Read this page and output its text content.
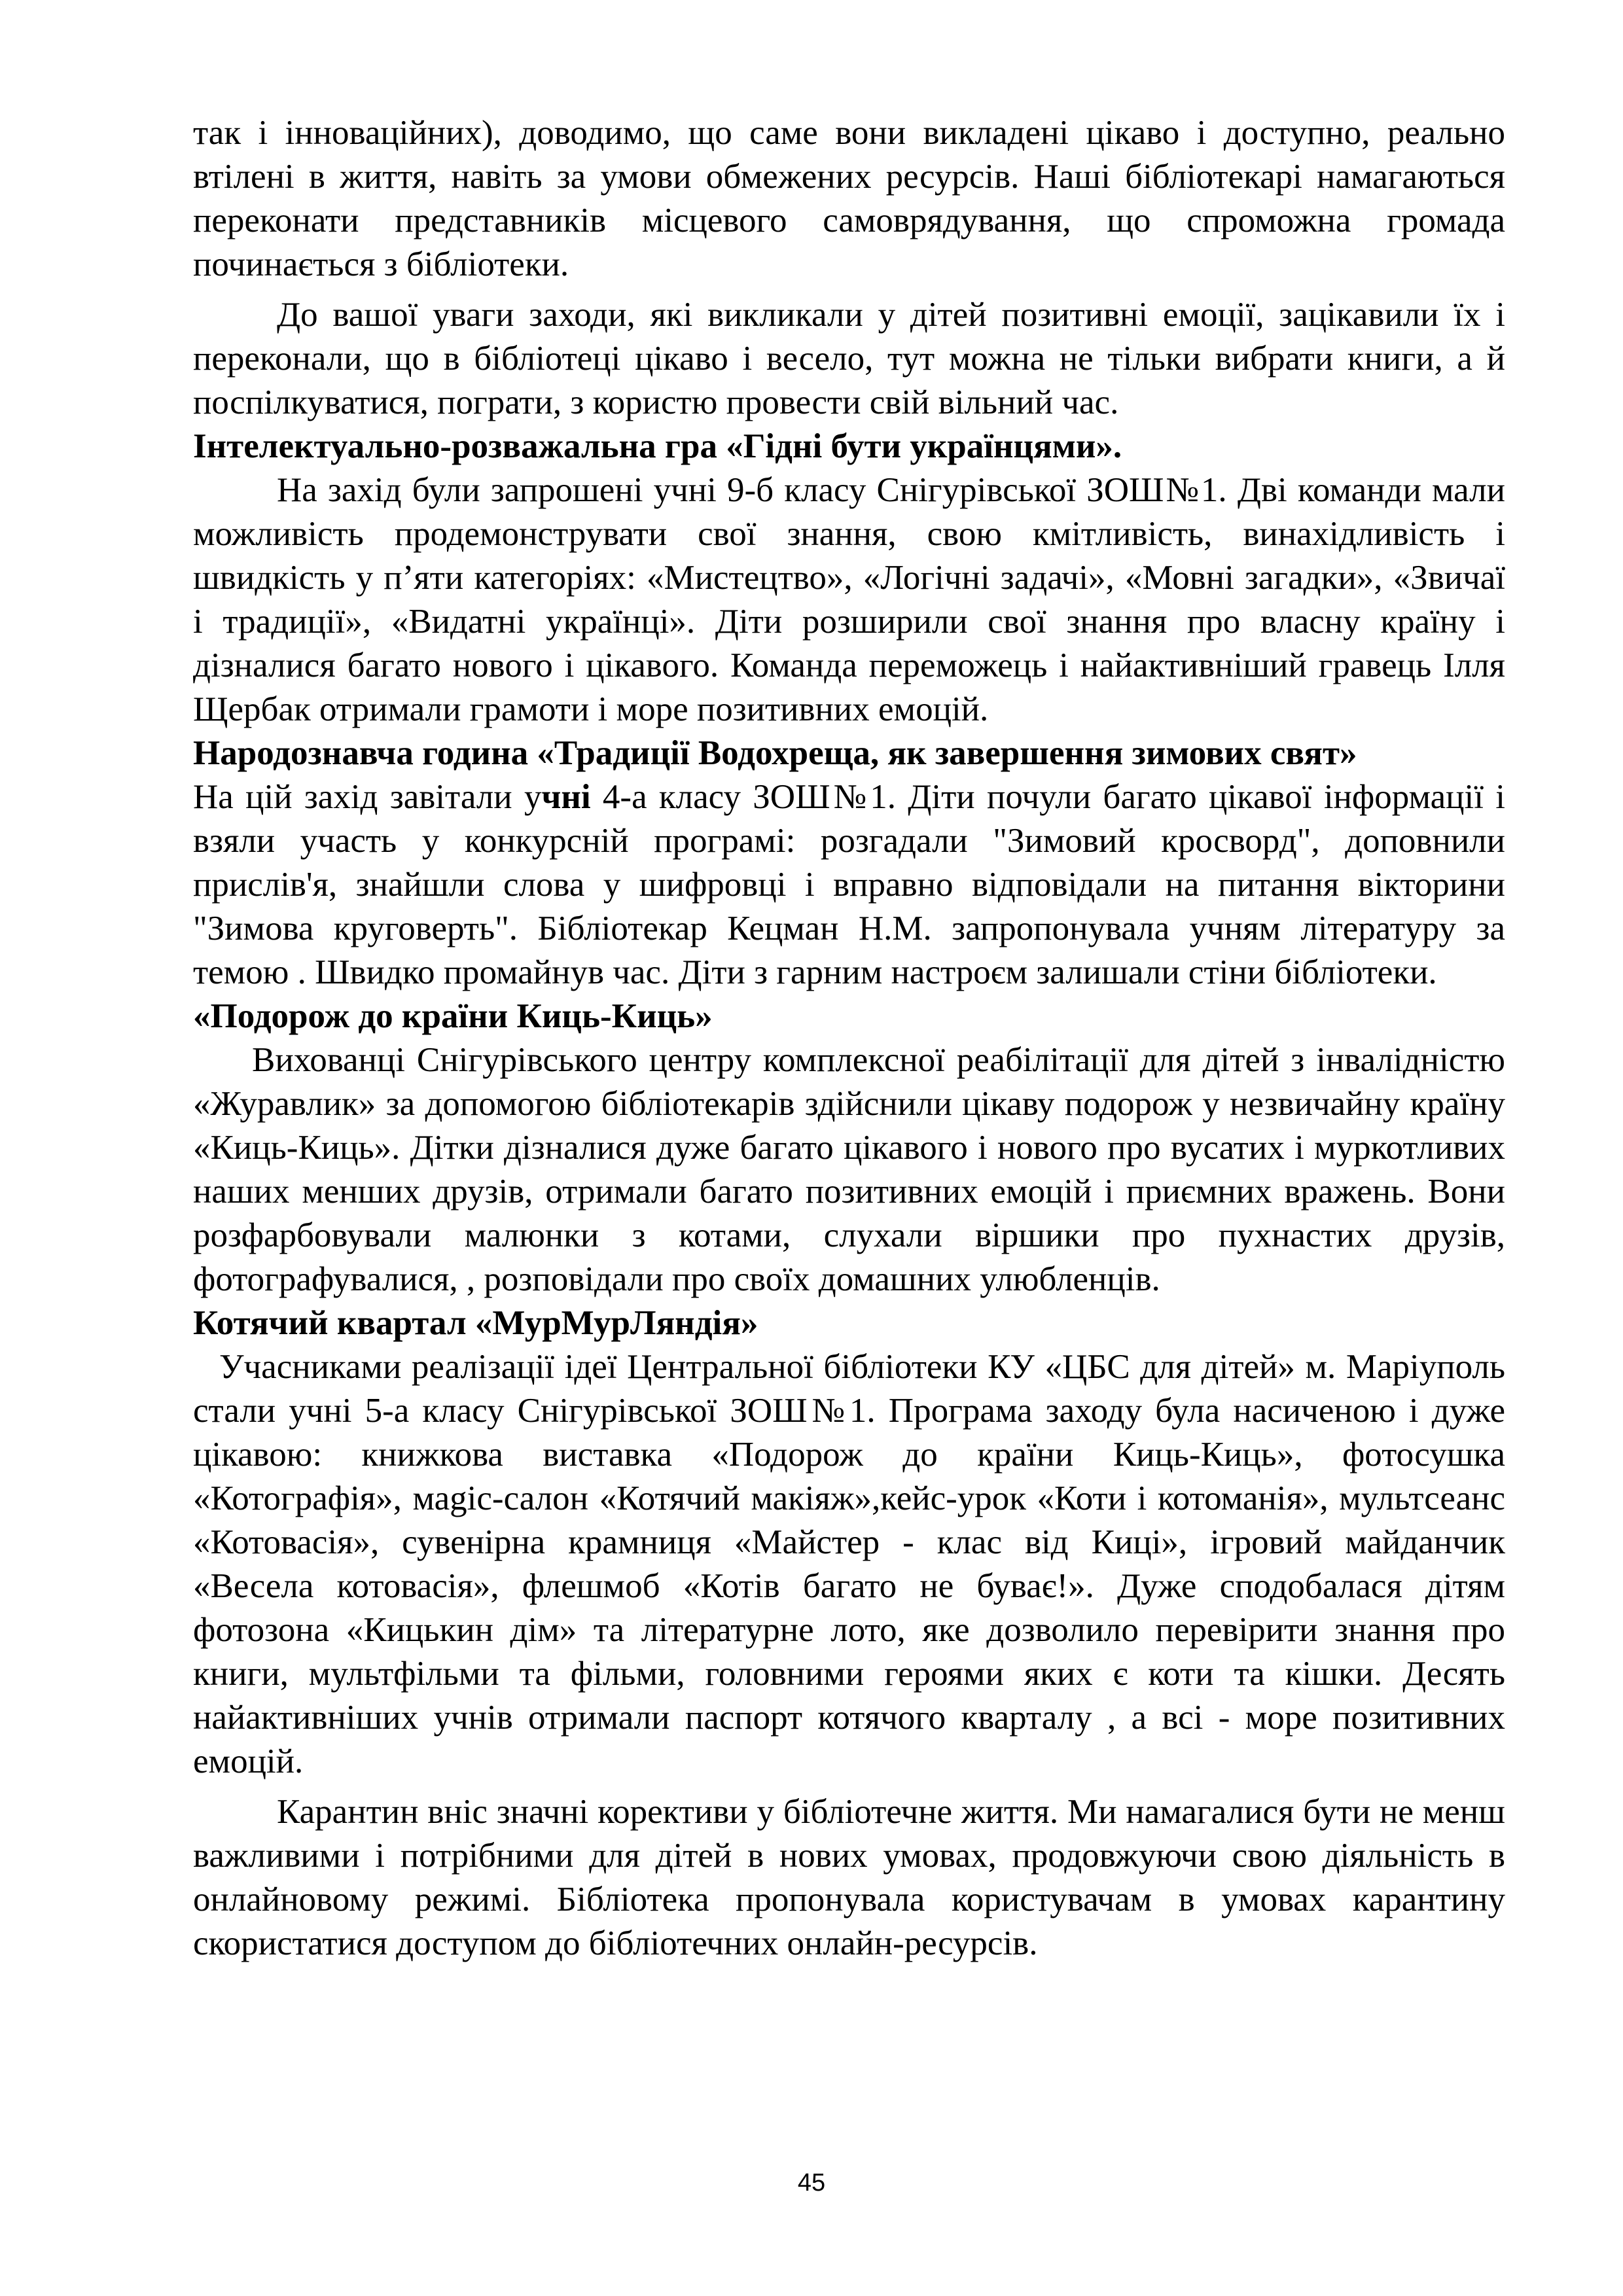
так і інноваційних), доводимо, що саме вони викладені цікаво і доступно, реально втілені в життя, навіть за умови обмежених ресурсів. Наші бібліотекарі намагаються переконати представників місцевого самоврядування, що спроможна громада починається з бібліотеки.

До вашої уваги заходи, які викликали у дітей позитивні емоції, зацікавили їх і переконали, що в бібліотеці цікаво і весело, тут можна не тільки вибрати книги, а й поспілкуватися, пограти, з користю провести свій вільний час.

Інтелектуально-розважальна гра «Гідні бути українцями».

На захід були запрошені учні 9-б класу Снігурівської ЗОШ№1. Дві команди мали можливість продемонструвати свої знання, свою кмітливість, винахідливість і швидкість у п’яти категоріях: «Мистецтво», «Логічні задачі», «Мовні загадки», «Звичаї і традиції», «Видатні українці». Діти розширили свої знання про власну країну і дізналися багато нового і цікавого. Команда переможець і найактивніший гравець Ілля Щербак отримали грамоти і море позитивних емоцій.

Народознавча година «Традиції Водохреща, як завершення зимових свят»

На цій захід завітали учні 4-а класу ЗОШ№1. Діти почули багато цікавої інформації і взяли участь у конкурсній програмі: розгадали "Зимовий кросворд", доповнили прислів'я, знайшли слова у шифровці і вправно відповідали на питання вікторини "Зимова круговерть". Бібліотекар Кецман Н.М. запропонувала учням літературу за темою . Швидко промайнув час. Діти з гарним настроєм залишали стіни бібліотеки.

«Подорож до країни Киць-Киць»

Вихованці Снігурівського центру комплексної реабілітації для дітей з інвалідністю «Журавлик» за допомогою бібліотекарів здійснили цікаву подорож у незвичайну країну «Киць-Киць». Дітки дізналися дуже багато цікавого і нового про вусатих і муркотливих наших менших друзів, отримали багато позитивних емоцій і приємних вражень. Вони розфарбовували малюнки з котами, слухали віршики про пухнастих друзів, фотографувалися, , розповідали про своїх домашних улюбленців.

Котячий квартал «МурМурЛяндія»

Учасниками реалізації ідеї Центральної бібліотеки КУ «ЦБС для дітей» м. Маріуполь стали учні 5-а класу Снігурівської ЗОШ№1. Програма заходу була насиченою і дуже цікавою: книжкова виставка «Подорож до країни Киць-Киць», фотосушка «Котографія», маgіс-салон «Котячий макіяж»,кейс-урок «Коти і котоманія», мультсеанс «Котовасія», сувенірна крамниця «Майстер - клас від Киці», ігровий майданчик «Весела котовасія», флешмоб «Котів багато не буває!». Дуже сподобалася дітям фотозона «Кицькин дім» та літературне лото, яке дозволило перевірити знання про книги, мультфільми та фільми, головними героями яких є коти та кішки. Десять найактивніших учнів отримали паспорт котячого кварталу , а всі - море позитивних емоцій.

Карантин вніс значні корективи у бібліотечне життя. Ми намагалися бути не менш важливими і потрібними для дітей в нових умовах, продовжуючи свою діяльність в онлайновому режимі. Бібліотека пропонувала користувачам в умовах карантину скористатися доступом до бібліотечних онлайн-ресурсів.

45
